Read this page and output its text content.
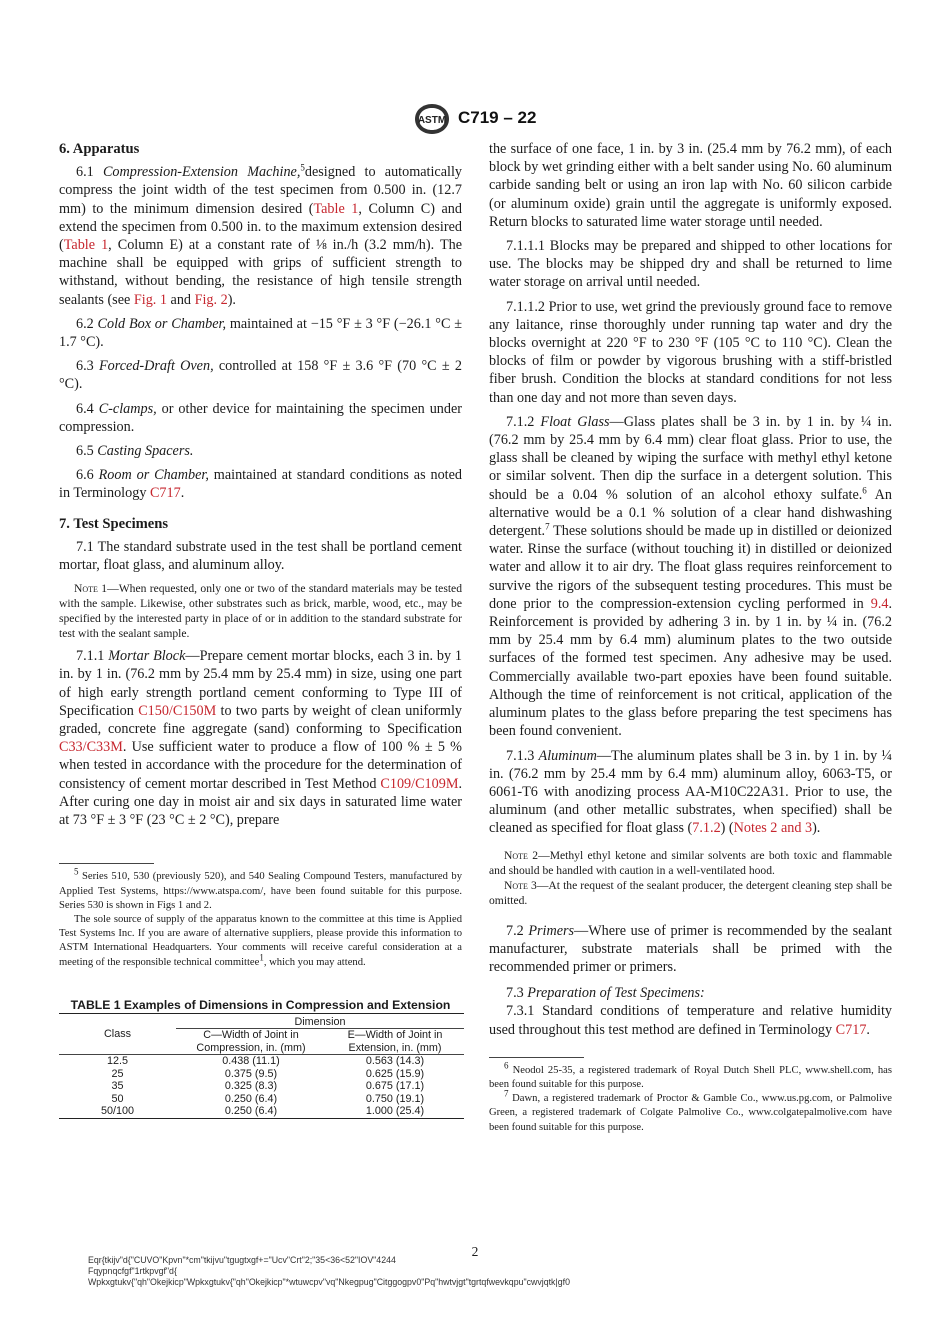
ASTM C719 – 22
6. Apparatus

6.1 Compression-Extension Machine,$^5$designed to automatically compress the joint width of the test specimen from 0.500 in. (12.7 mm) to the minimum dimension desired (Table 1, Column C) and extend the specimen from 0.500 in. to the maximum extension desired (Table 1, Column E) at a constant rate of ⅛ in./h (3.2 mm/h). The machine shall be equipped with grips of sufficient strength to withstand, without bending, the resistance of high tensile strength sealants (see Fig. 1 and Fig. 2).

6.2 Cold Box or Chamber, maintained at −15 °F ± 3 °F (−26.1 °C ± 1.7 °C).

6.3 Forced-Draft Oven, controlled at 158 °F ± 3.6 °F (70 °C ± 2 °C).

6.4 C-clamps, or other device for maintaining the specimen under compression.

6.5 Casting Spacers.

6.6 Room or Chamber, maintained at standard conditions as noted in Terminology C717.

7. Test Specimens

7.1 The standard substrate used in the test shall be portland cement mortar, float glass, and aluminum alloy.

Note 1—When requested, only one or two of the standard materials may be tested with the sample. Likewise, other substrates such as brick, marble, wood, etc., may be specified by the interested party in place of or in addition to the standard substrate for test with the sealant sample.

7.1.1 Mortar Block—Prepare cement mortar blocks, each 3 in. by 1 in. by 1 in. (76.2 mm by 25.4 mm by 25.4 mm) in size, using one part of high early strength portland cement conforming to Type III of Specification C150/C150M to two parts by weight of clean uniformly graded, concrete fine aggregate (sand) conforming to Specification C33/C33M. Use sufficient water to produce a flow of 100 % ± 5 % when tested in accordance with the procedure for the determination of consistency of cement mortar described in Test Method C109/C109M. After curing one day in moist air and six days in saturated lime water at 73 °F ± 3 °F (23 °C ± 2 °C), prepare

$^5$ Series 510, 530 (previously 520), and 540 Sealing Compound Testers, manufactured by Applied Test Systems, https://www.atspa.com/, have been found suitable for this purpose. Series 530 is shown in Figs 1 and 2.

The sole source of supply of the apparatus known to the committee at this time is Applied Test Systems Inc. If you are aware of alternative suppliers, please provide this information to ASTM International Headquarters. Your comments will receive careful consideration at a meeting of the responsible technical committee$^1$, which you may attend.

TABLE 1 Examples of Dimensions in Compression and Extension

Class	Dimension	
	C—Width of Joint in Compression, in. (mm)	E—Width of Joint in Extension, in. (mm)
12.5	0.438 (11.1)	0.563 (14.3)
25	0.375 (9.5)	0.625 (15.9)
35	0.325 (8.3)	0.675 (17.1)
50	0.250 (6.4)	0.750 (19.1)
50/100	0.250 (6.4)	1.000 (25.4)

the surface of one face, 1 in. by 3 in. (25.4 mm by 76.2 mm), of each block by wet grinding either with a belt sander using No. 60 aluminum carbide sanding belt or using an iron lap with No. 60 silicon carbide (or aluminum oxide) grain until the aggregate is uniformly exposed. Return blocks to saturated lime water storage until needed.

7.1.1.1 Blocks may be prepared and shipped to other locations for use. The blocks may be shipped dry and shall be returned to lime water storage on arrival until needed.

7.1.1.2 Prior to use, wet grind the previously ground face to remove any laitance, rinse thoroughly under running tap water and dry the blocks overnight at 220 °F to 230 °F (105 °C to 110 °C). Clean the blocks of film or powder by vigorous brushing with a stiff-bristled fiber brush. Condition the blocks at standard conditions for not less than one day and not more than seven days.

7.1.2 Float Glass—Glass plates shall be 3 in. by 1 in. by ¼ in. (76.2 mm by 25.4 mm by 6.4 mm) clear float glass. Prior to use, the glass shall be cleaned by wiping the surface with methyl ethyl ketone or similar solvent. Then dip the surface in a detergent solution. This should be a 0.04 % solution of an alcohol ethoxy sulfate.$^6$ An alternative would be a 0.1 % solution of a clear hand dishwashing detergent.$^7$ These solutions should be made up in distilled or deionized water. Rinse the surface (without touching it) in distilled or deionized water and allow it to air dry. The float glass requires reinforcement to survive the rigors of the subsequent testing procedures. This must be done prior to the compression-extension cycling performed in 9.4. Reinforcement is provided by adhering 3 in. by 1 in. by ¼ in. (76.2 mm by 25.4 mm by 6.4 mm) aluminum plates to the two outside surfaces of the formed test specimen. Any adhesive may be used. Commercially available two-part epoxies have been found suitable. Although the time of reinforcement is not critical, application of the aluminum plates to the glass before preparing the test specimens has been found convenient.

7.1.3 Aluminum—The aluminum plates shall be 3 in. by 1 in. by ¼ in. (76.2 mm by 25.4 mm by 6.4 mm) aluminum alloy, 6063-T5, or 6061-T6 with anodizing process AA-M10C22A31. Prior to use, the aluminum (and other metallic substrates, when specified) shall be cleaned as specified for float glass (7.1.2) (Notes 2 and 3).

Note 2—Methyl ethyl ketone and similar solvents are both toxic and flammable and should be handled with caution in a well-ventilated hood.

Note 3—At the request of the sealant producer, the detergent cleaning step shall be omitted.

7.2 Primers—Where use of primer is recommended by the sealant manufacturer, substrate materials shall be primed with the recommended primer or primers.

7.3 Preparation of Test Specimens:

7.3.1 Standard conditions of temperature and relative humidity used throughout this test method are defined in Terminology C717.

$^6$ Neodol 25-35, a registered trademark of Royal Dutch Shell PLC, www.shell.com, has been found suitable for this purpose.

$^7$ Dawn, a registered trademark of Proctor & Gamble Co., www.us.pg.com, or Palmolive Green, a registered trademark of Colgate Palmolive Co., www.colgatepalmolive.com have been found suitable for this purpose.

2
Eqr{tkijv"d{"CUVO"Kpvn"*cm"tkijvu"tgugtxgf+="Ucv"Crt"2;"35<36<52"IOV"4244
Fqypnqcfgf"1rtkpvgf"d{
Wpkxgtukv{"qh"Okejkicp"Wpkxgtukv{"qh"Okejkicp"*wtuwcpv"vq"Nkegpug"Citggogpv0"Pq"hwtvjgt"tgrtqfwevkqpu"cwvjqtk|gf0
